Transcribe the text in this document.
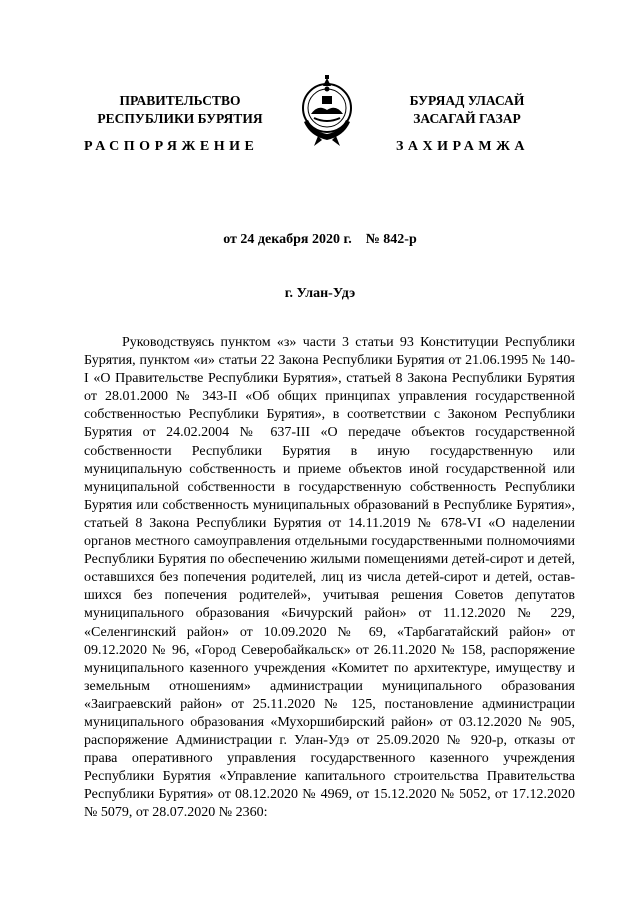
ПРАВИТЕЛЬСТВО
РЕСПУБЛИКИ БУРЯТИЯ
БУРЯАД УЛАСАЙ
ЗАСАГАЙ ГАЗАР
РАСПОРЯЖЕНИЕ	ЗАХИРАМЖА
от 24 декабря 2020 г. № 842-р
г. Улан-Удэ

Руководствуясь пунктом «з» части 3 статьи 93 Конституции Республики Бурятия, пунктом «и» статьи 22 Закона Республики Бурятия от 21.06.1995 № 140-I «О Правительстве Республики Бурятия», статьей 8 Закона Республики Бурятия от 28.01.2000 № 343-II «Об общих принципах управления государственной собственностью Республики Бурятия», в соответствии с Законом Республики Бурятия от 24.02.2004 № 637-III «О передаче объектов государственной собственности Республики Бурятия в иную государственную или муниципальную собственность и приеме объектов иной государственной или муниципальной собственности в государственную собственность Республики Бурятия или собственность муниципальных образований в Республике Бурятия», статьей 8 Закона Республики Бурятия от 14.11.2019 № 678-VI «О наделении органов местного самоуправления отдельными государственными полномочиями Республики Бурятия по обеспечению жилыми помещениями детей-сирот и детей, оставшихся без попечения родителей, лиц из числа детей-сирот и детей, оставшихся без попечения родителей», учитывая решения Советов депутатов муниципального образования «Бичурский район» от 11.12.2020 № 229, «Селенгинский район» от 10.09.2020 № 69, «Тарбагатайский район» от 09.12.2020 № 96, «Город Северобайкальск» от 26.11.2020 № 158, распоряжение муниципального казенного учреждения «Комитет по архитектуре, имуществу и земельным отношениям» администрации муниципального образования «Заиграевский район» от 25.11.2020 № 125, постановление администрации муниципального образования «Мухоршибирский район» от 03.12.2020 № 905, распоряжение Администрации г. Улан-Удэ от 25.09.2020 № 920-р, отказы от права оперативного управления государственного казенного учреждения Республики Бурятия «Управление капитального строительства Правительства Республики Бурятия» от 08.12.2020 № 4969, от 15.12.2020 № 5052, от 17.12.2020 № 5079, от 28.07.2020 № 2360:
